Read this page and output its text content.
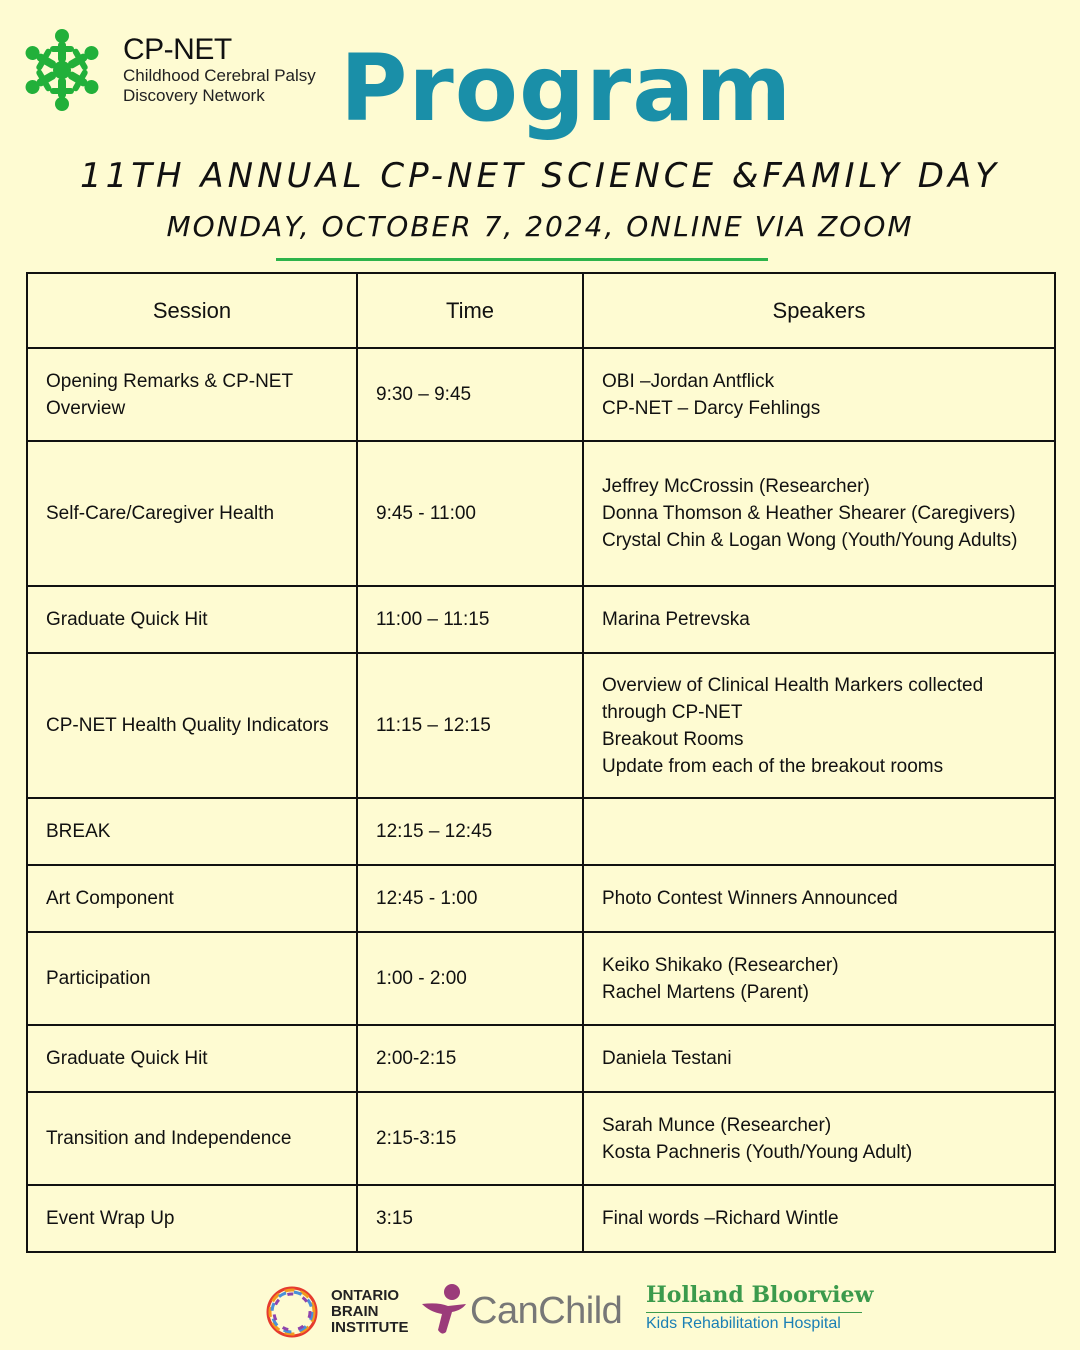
CP-NET
Childhood Cerebral Palsy
Discovery Network Program
11TH ANNUAL CP-NET SCIENCE &FAMILY DAY
MONDAY, OCTOBER 7, 2024, ONLINE VIA ZOOM
Session	Time	Speakers
Opening Remarks & CP-NET Overview	9:30 – 9:45	OBI –Jordan Antflick
CP-NET – Darcy Fehlings

Self-Care/Caregiver Health	9:45 - 11:00	Jeffrey McCrossin (Researcher)
Donna Thomson & Heather Shearer (Caregivers)
Crystal Chin & Logan Wong (Youth/Young Adults)

Graduate Quick Hit	11:00 – 11:15	Marina Petrevska

CP-NET Health Quality Indicators	11:15 – 12:15	Overview of Clinical Health Markers collected through CP-NET
Breakout Rooms
Update from each of the breakout rooms

BREAK	12:15 – 12:45	
Art Component	12:45 - 1:00	Photo Contest Winners Announced

Participation	1:00 - 2:00	Keiko Shikako (Researcher)
Rachel Martens (Parent)

Graduate Quick Hit	2:00-2:15	Daniela Testani

Transition and Independence	2:15-3:15	Sarah Munce (Researcher)
Kosta Pachneris (Youth/Young Adult)

Event Wrap Up	3:15	Final words –Richard Wintle
ONTARIO
BRAIN
INSTITUTE CanChild Holland Bloorview
Kids Rehabilitation Hospital
